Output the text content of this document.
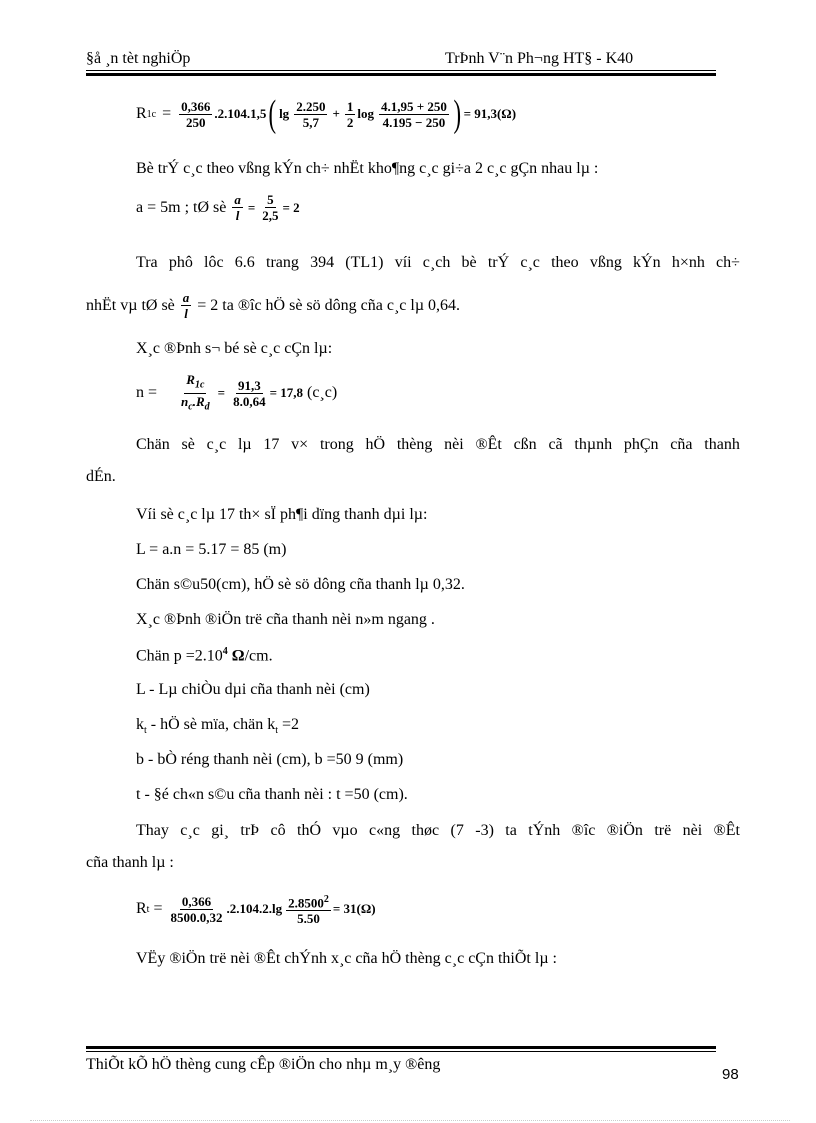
§å ¸n tèt nghiÖp	TrÞnh V¨n Ph¬ng HT§ - K40
R $1c = \frac{0,366}{250} .2.10$ 4 .1,5 ( $\lg \frac{2.250}{5,7} + \frac{1}{2}$ $\log \frac{4.1,95 + 250}{4.195 - 250}$ ) = 91,3(Ω)
Bè trÝ c¸c theo vßng kÝn ch÷ nhËt kho¶ng c¸c gi÷a 2 c¸c gÇn nhau lµ :
a = 5m ; tØ sè $\frac{a}{l} = \frac{5}{2,5} = 2$
Tra phô lôc 6.6 trang 394 (TL1) víi c¸ch bè trÝ c¸c theo vßng kÝn h×nh ch÷
nhËt vµ tØ sè $\frac{a}{l} = 2$ ta ®îc hÖ sè sö dông cña c¸c lµ 0,64.
X¸c ®Þnh s¬ bé sè c¸c cÇn lµ:
$n = \frac{R_{1c}}{n_c.R_d} = \frac{91,3}{8.0,64} = 17,8$ (c¸c)
Chän sè c¸c lµ 17 v× trong hÖ thèng nèi ®Êt cßn cã thµnh phÇn cña thanh
dÉn.
Víi sè c¸c lµ 17 th× sÏ ph¶i dïng thanh dµi lµ:
L = a.n = 5.17 = 85 (m)
Chän s©u50(cm), hÖ sè sö dông cña thanh lµ 0,32.
X¸c ®Þnh ®iÖn trë cña thanh nèi n»m ngang .
Chän $p =2.10^4$ Ω/cm.
L - Lµ chiÒu dµi cña thanh nèi (cm)
$k_t$ - hÖ sè mïa, chän $k_t =2$
b - bÒ réng thanh nèi (cm), b =50 9 (mm)
t - §é ch«n s©u cña thanh nèi : t =50 (cm).
Thay c¸c gi¸ trÞ cô thÓ vµo c«ng thøc (7 -3) ta tÝnh ®îc ®iÖn trë nèi ®Êt
cña thanh lµ :
R $t = \frac{0,366}{8500.0,32} .2.10$ 4 $.2.\lg \frac{2.8500^2}{5.50} = 31(\Omega)$
VËy ®iÖn trë nèi ®Êt chÝnh x¸c cña hÖ thèng c¸c cÇn thiÕt lµ :
ThiÕt kÕ hÖ thèng cung cÊp ®iÖn cho nhµ m¸y ®êng
98
